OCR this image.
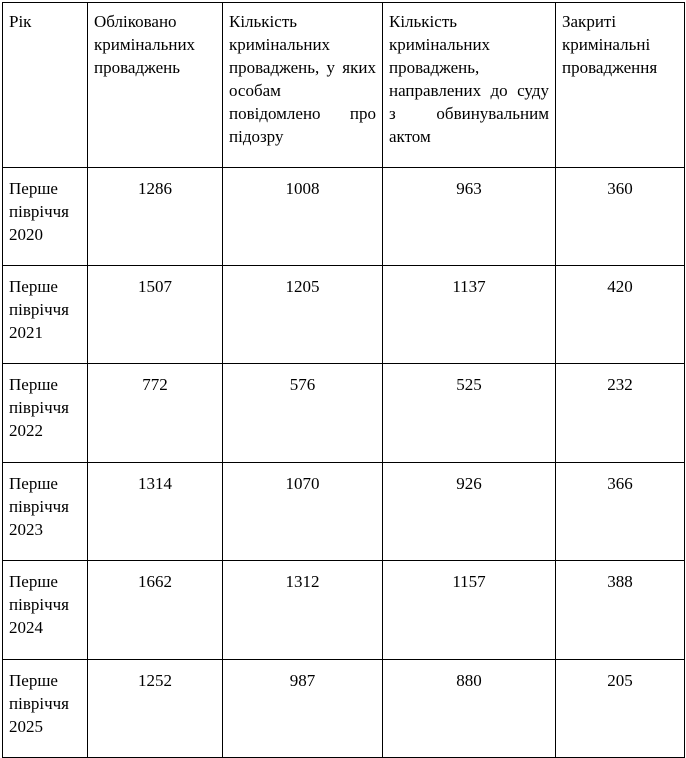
Рік	Обліковано кримінальних проваджень	Кількість кримінальних проваджень, у яких особам повідомлено про підозру	Кількість кримінальних проваджень, направлених до суду з обвинувальним актом	Закриті кримінальні провадження
Перше півріччя 2020	1286	1008	963	360
Перше півріччя 2021	1507	1205	1137	420
Перше півріччя 2022	772	576	525	232
Перше півріччя 2023	1314	1070	926	366
Перше півріччя 2024	1662	1312	1157	388
Перше півріччя 2025	1252	987	880	205
